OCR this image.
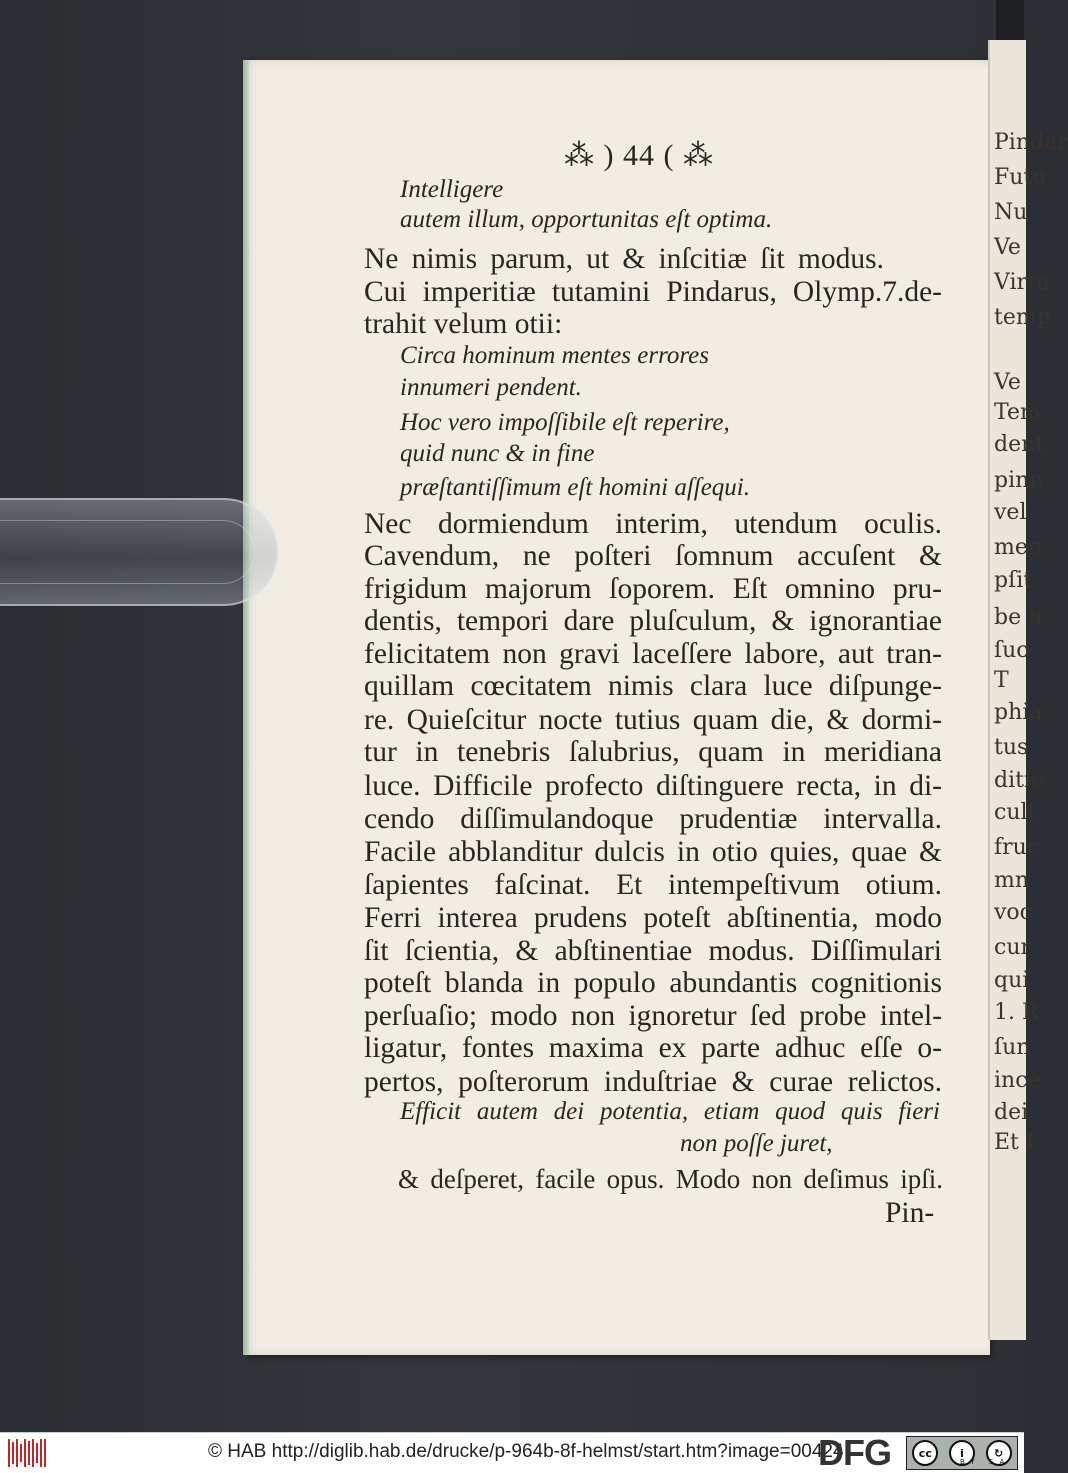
Pindar
Futu
Nu
Ve
Virtu
temp
Ve
Tem
dent
pinn
vel
men
pſit
be h
ſuo
T
phia
tus
ditic
cult
fruc
mn
voc
cur
qui
1. R
ſun
ince
dei
Et I
⁂ ) 44 ( ⁂
Intelligere
autem illum, opportunitas eſt optima.
Ne nimis parum, ut & inſcitiæ ſit modus.
Cui imperitiæ tutamini Pindarus, Olymp.7.de-
trahit velum otii:
Circa hominum mentes errores
innumeri pendent.
Hoc vero impoſſibile eſt reperire,
quid nunc & in fine
præſtantiſſimum eſt homini aſſequi.
Nec dormiendum interim, utendum oculis.
Cavendum, ne poſteri ſomnum accuſent &
frigidum majorum ſoporem. Eſt omnino pru-
dentis, tempori dare pluſculum, & ignorantiae
felicitatem non gravi laceſſere labore, aut tran-
quillam cœcitatem nimis clara luce diſpunge-
re. Quieſcitur nocte tutius quam die, & dormi-
tur in tenebris ſalubrius, quam in meridiana
luce. Difficile profecto diſtinguere recta, in di-
cendo diſſimulandoque prudentiæ intervalla.
Facile abblanditur dulcis in otio quies, quae &
ſapientes faſcinat. Et intempeſtivum otium.
Ferri interea prudens poteſt abſtinentia, modo
ſit ſcientia, & abſtinentiae modus. Diſſimulari
poteſt blanda in populo abundantis cognitionis
perſuaſio; modo non ignoretur ſed probe intel-
ligatur, fontes maxima ex parte adhuc eſſe o-
pertos, poſterorum induſtriae & curae relictos.
Efficit autem dei potentia, etiam quod quis fieri
non poſſe juret,
& deſperet, facile opus. Modo non deſimus ipſi.
Pin-
© HAB http://diglib.hab.de/drucke/p-964b-8f-helmst/start.htm?image=00424
DFG	cc	i	↻
BY SA
